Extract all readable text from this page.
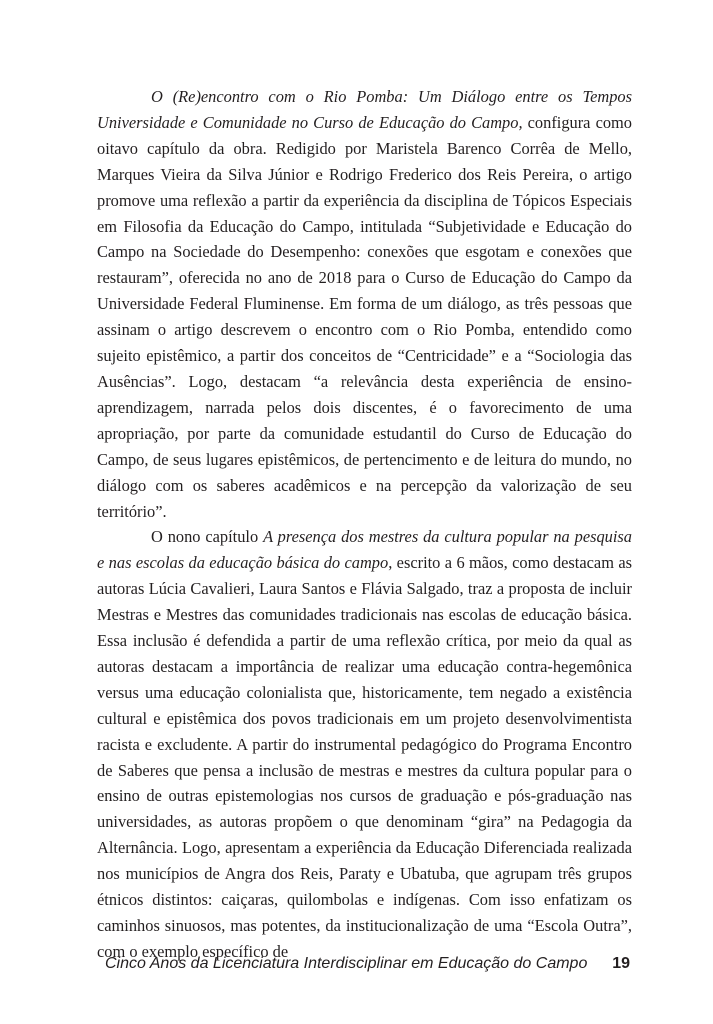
O (Re)encontro com o Rio Pomba: Um Diálogo entre os Tempos Universidade e Comunidade no Curso de Educação do Campo, configura como oitavo capítulo da obra. Redigido por Maristela Barenco Corrêa de Mello, Marques Vieira da Silva Júnior e Rodrigo Frederico dos Reis Pereira, o artigo promove uma reflexão a partir da experiência da disciplina de Tópicos Especiais em Filosofia da Educação do Campo, intitulada “Subjetividade e Educação do Campo na Sociedade do Desempenho: conexões que esgotam e conexões que restauram”, oferecida no ano de 2018 para o Curso de Educação do Campo da Universidade Federal Fluminense. Em forma de um diálogo, as três pessoas que assinam o artigo descrevem o encontro com o Rio Pomba, entendido como sujeito epistêmico, a partir dos conceitos de “Centricidade” e a “Sociologia das Ausências”. Logo, destacam “a relevância desta experiência de ensino-aprendizagem, narrada pelos dois discentes, é o favorecimento de uma apropriação, por parte da comunidade estudantil do Curso de Educação do Campo, de seus lugares epistêmicos, de pertencimento e de leitura do mundo, no diálogo com os saberes acadêmicos e na percepção da valorização de seu território”.

O nono capítulo A presença dos mestres da cultura popular na pesquisa e nas escolas da educação básica do campo, escrito a 6 mãos, como destacam as autoras Lúcia Cavalieri, Laura Santos e Flávia Salgado, traz a proposta de incluir Mestras e Mestres das comunidades tradicionais nas escolas de educação básica. Essa inclusão é defendida a partir de uma reflexão crítica, por meio da qual as autoras destacam a importância de realizar uma educação contra-hegemônica versus uma educação colonialista que, historicamente, tem negado a existência cultural e epistêmica dos povos tradicionais em um projeto desenvolvimentista racista e excludente. A partir do instrumental pedagógico do Programa Encontro de Saberes que pensa a inclusão de mestras e mestres da cultura popular para o ensino de outras epistemologias nos cursos de graduação e pós-graduação nas universidades, as autoras propõem o que denominam “gira” na Pedagogia da Alternância. Logo, apresentam a experiência da Educação Diferenciada realizada nos municípios de Angra dos Reis, Paraty e Ubatuba, que agrupam três grupos étnicos distintos: caiçaras, quilombolas e indígenas. Com isso enfatizam os caminhos sinuosos, mas potentes, da institucionalização de uma “Escola Outra”, com o exemplo específico de

Cinco Anos da Licenciatura Interdisciplinar em Educação do Campo 19
